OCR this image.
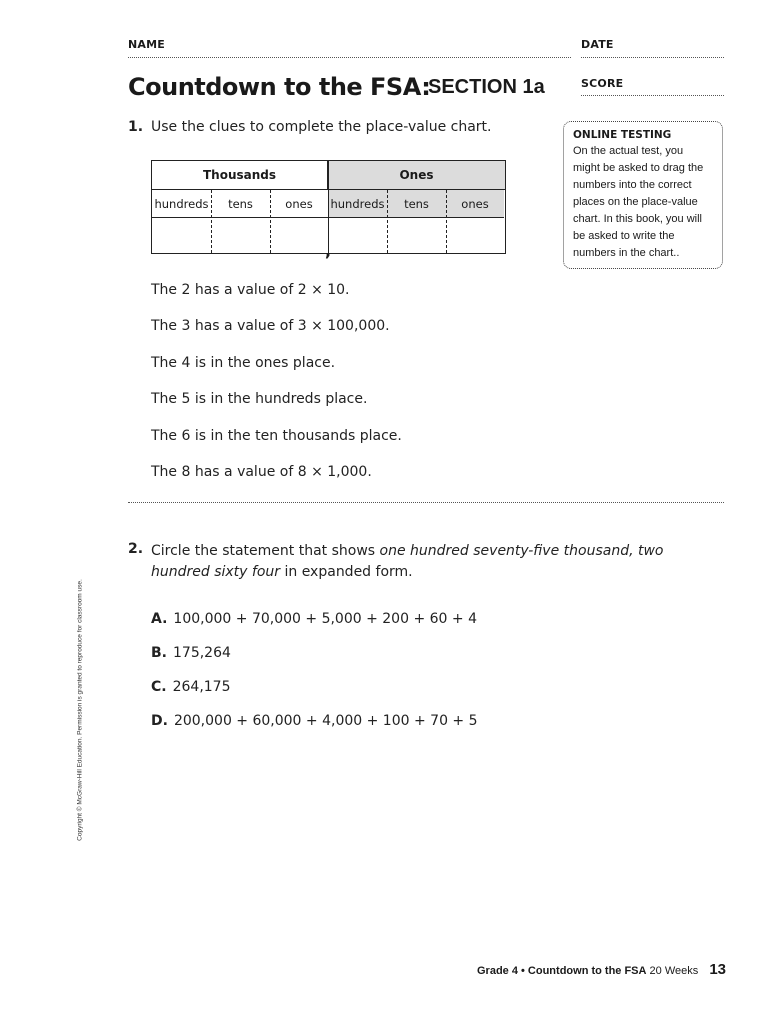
NAME	DATE
Countdown to the FSA:
SECTION 1a	SCORE
1. Use the clues to complete the place-value chart.
Thousands	Ones
hundreds	tens	ones	hundreds	tens	ones
,
ONLINE TESTING
On the actual test, you might be asked to drag the numbers into the correct places on the place-value chart. In this book, you will be asked to write the numbers in the chart..
The 2 has a value of 2 × 10.
The 3 has a value of 3 × 100,000.
The 4 is in the ones place.
The 5 is in the hundreds place.
The 6 is in the ten thousands place.
The 8 has a value of 8 × 1,000.
2. Circle the statement that shows one hundred seventy-five thousand, two hundred sixty four in expanded form.
A. 100,000 + 70,000 + 5,000 + 200 + 60 + 4
B. 175,264
C. 264,175
D. 200,000 + 60,000 + 4,000 + 100 + 70 + 5
Copyright © McGraw-Hill Education. Permission is granted to reproduce for classroom use.
Grade 4 • Countdown to the FSA 20 Weeks 13
